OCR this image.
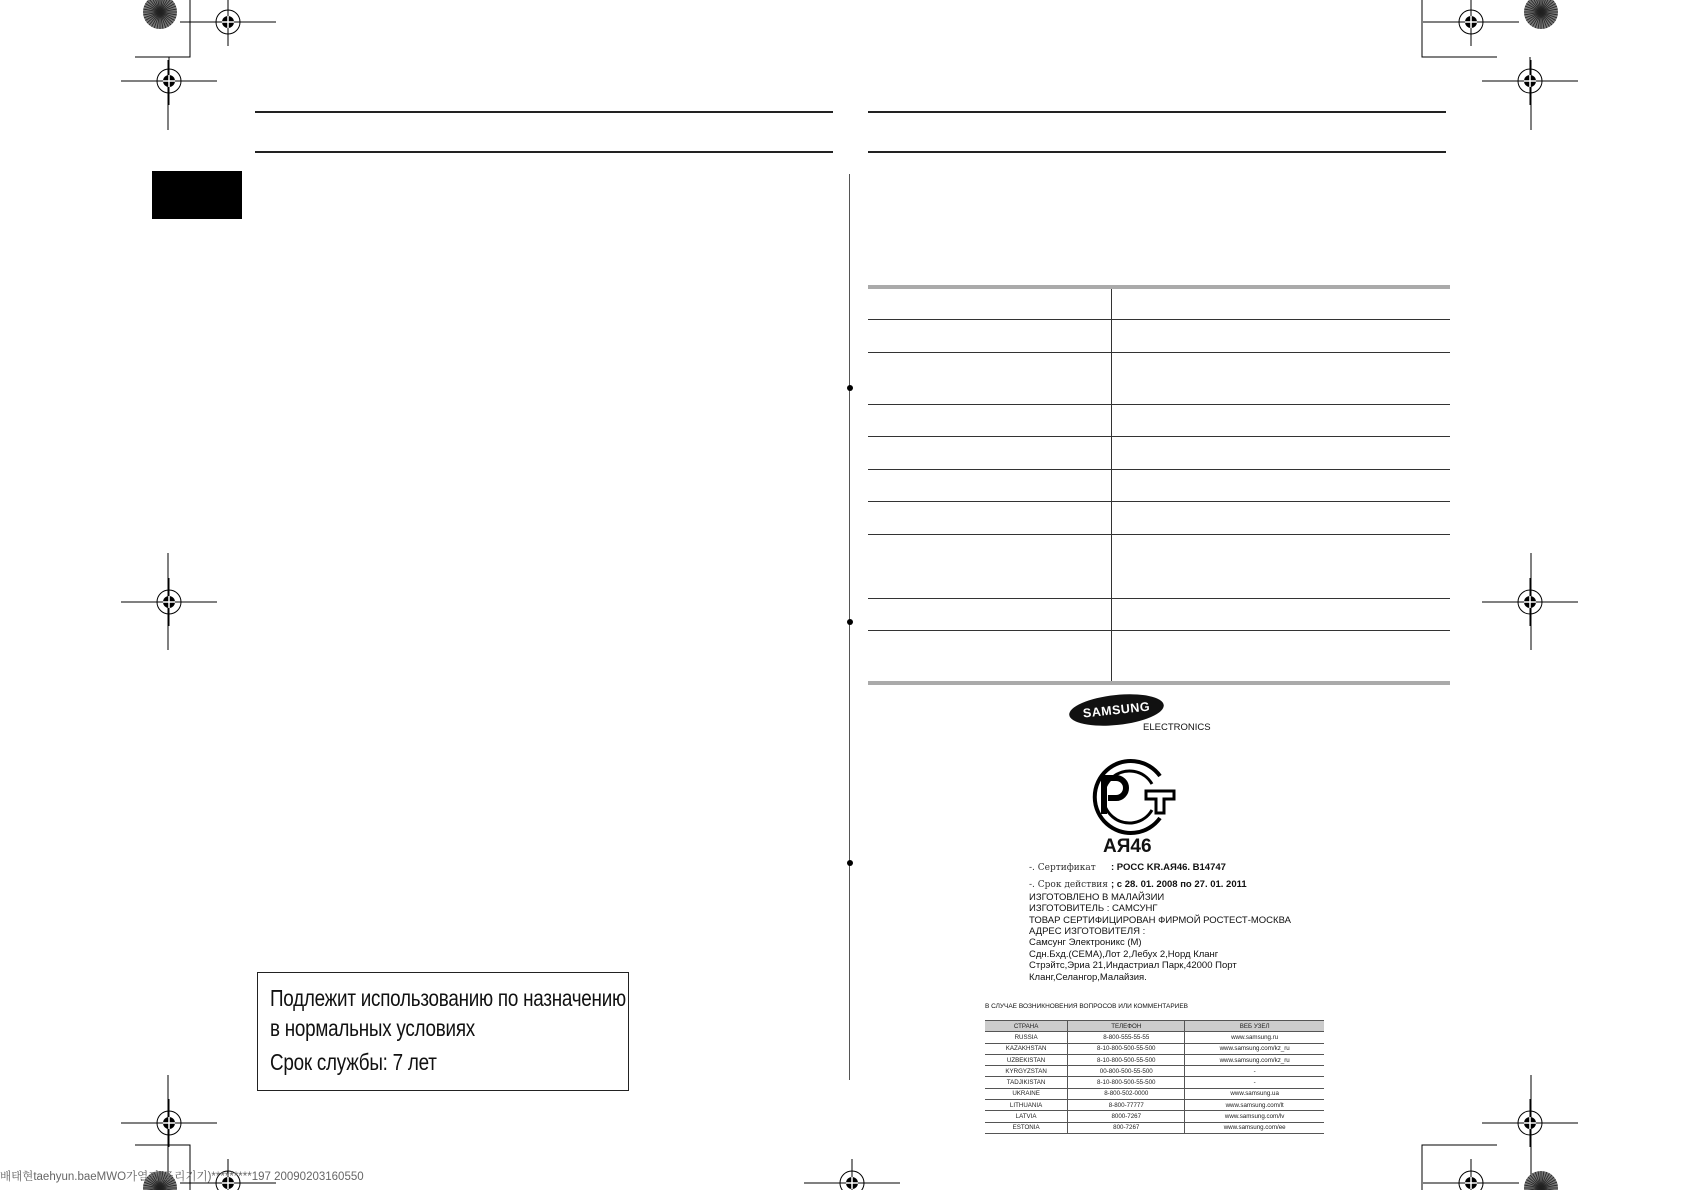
SAMSUNG
ELECTRONICS
AЯ46
-. Сертификат : РОСС KR.AЯ46. B14747
-. Срок действия ; с 28. 01. 2008 по 27. 01. 2011
ИЗГОТОВЛЕНО В МАЛАЙЗИИ
ИЗГОТОВИТЕЛЬ : САМСУНГ
ТОВАР СЕРТИФИЦИРОВАН ФИРМОЙ РОСТЕСТ-МОСКВА
АДРЕС ИЗГОТОВИТЕЛЯ :
Самсунг Электроникс (М)
Сдн.Бхд.(СЕМА),Лот 2,Лебух 2,Норд Кланг
Стрэйтс,Эриа 21,Индастриал Парк,42000 Порт
Кланг,Селангор,Малайзия.
В СЛУЧАЕ ВОЗНИКНОВЕНИЯ ВОПРОСОВ ИЛИ КОММЕНТАРИЕВ
СТРАНА	ТЕЛЕФОН	ВЕБ УЗЕЛ
RUSSIA	8-800-555-55-55	www.samsung.ru
KAZAKHSTAN	8-10-800-500-55-500	www.samsung.com/kz_ru
UZBEKISTAN	8-10-800-500-55-500	www.samsung.com/kz_ru
KYRGYZSTAN	00-800-500-55-500	-
TADJIKISTAN	8-10-800-500-55-500	-
UKRAINE	8-800-502-0000	www.samsung.ua
LITHUANIA	8-800-77777	www.samsung.com/lt
LATVIA	8000-7267	www.samsung.com/lv
ESTONIA	800-7267	www.samsung.com/ee
Подлежит использованию по назначению
в нормальных условиях
Срок службы: 7 лет
배태현taehyun.baeMWO가열기(조리기기)*********197 20090203160550
